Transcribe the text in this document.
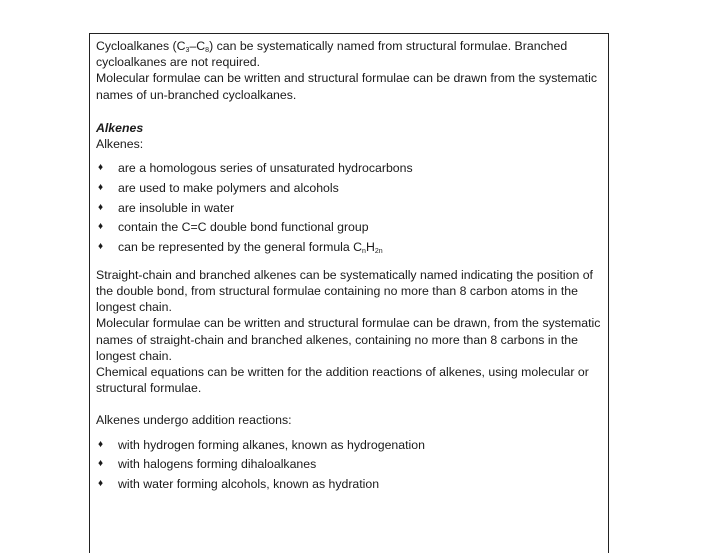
Cycloalkanes $(C_3-C_8)$ can be systematically named from structural formulae. Branched cycloalkanes are not required.

Molecular formulae can be written and structural formulae can be drawn from the systematic names of un-branched cycloalkanes.

Alkenes

Alkenes:

♦ are a homologous series of unsaturated hydrocarbons
♦ are used to make polymers and alcohols
♦ are insoluble in water
♦ contain the C=C double bond functional group
♦ can be represented by the general formula $C_nH_{2n}$

Straight-chain and branched alkenes can be systematically named indicating the position of the double bond, from structural formulae containing no more than 8 carbon atoms in the longest chain.

Molecular formulae can be written and structural formulae can be drawn, from the systematic names of straight-chain and branched alkenes, containing no more than 8 carbons in the longest chain.

Chemical equations can be written for the addition reactions of alkenes, using molecular or structural formulae.

Alkenes undergo addition reactions:

♦ with hydrogen forming alkanes, known as hydrogenation
♦ with halogens forming dihaloalkanes
♦ with water forming alcohols, known as hydration
